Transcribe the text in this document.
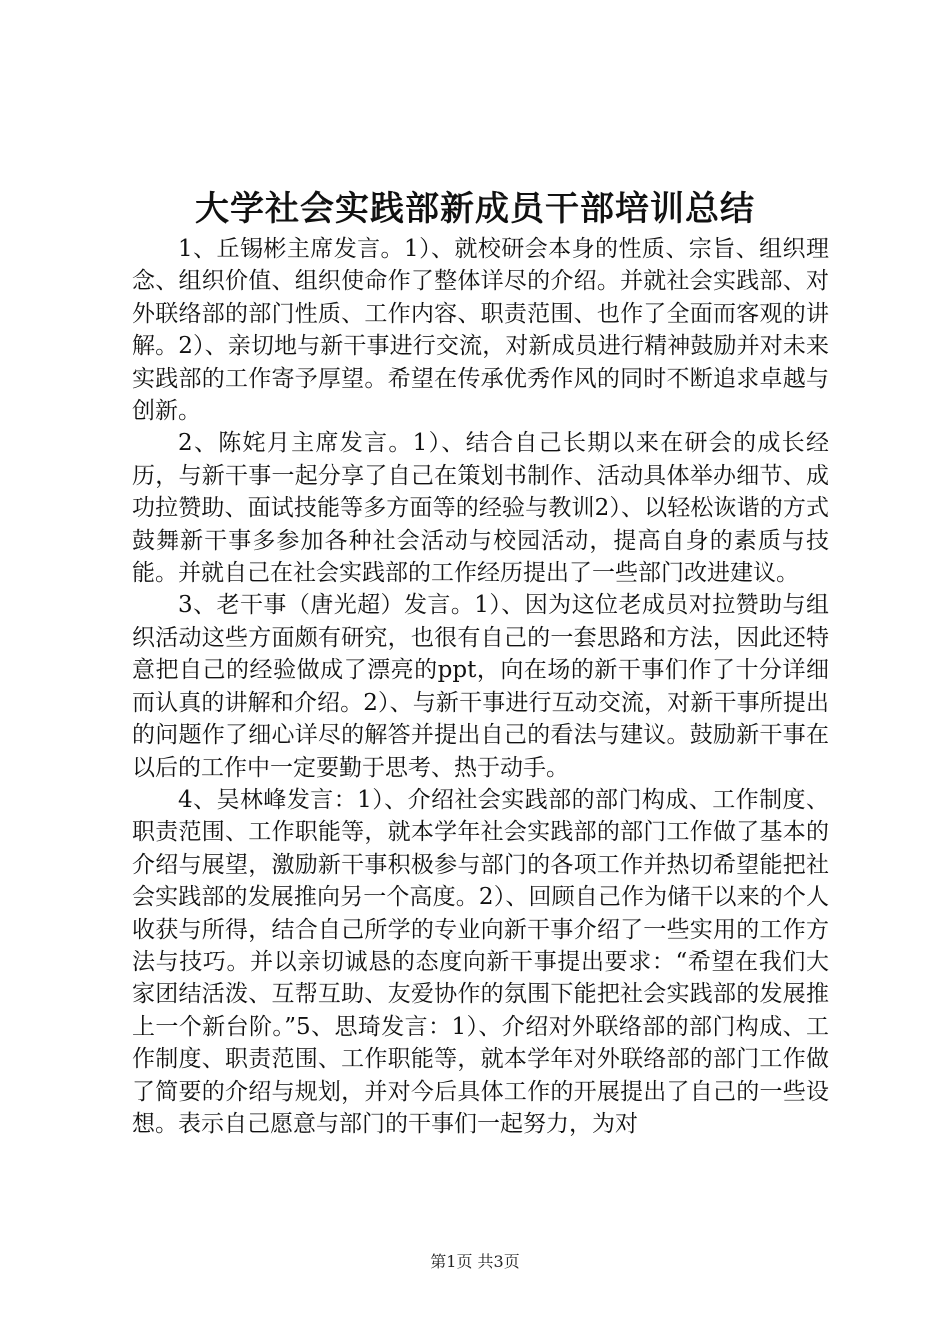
大学社会实践部新成员干部培训总结

1、丘锡彬主席发言。1）、就校研会本身的性质、宗旨、组织理念、组织价值、组织使命作了整体详尽的介绍。并就社会实践部、对外联络部的部门性质、工作内容、职责范围、也作了全面而客观的讲解。2）、亲切地与新干事进行交流，对新成员进行精神鼓励并对未来实践部的工作寄予厚望。希望在传承优秀作风的同时不断追求卓越与创新。

2、陈姹月主席发言。1）、结合自己长期以来在研会的成长经历，与新干事一起分享了自己在策划书制作、活动具体举办细节、成功拉赞助、面试技能等多方面等的经验与教训2）、以轻松诙谐的方式鼓舞新干事多参加各种社会活动与校园活动，提高自身的素质与技能。并就自己在社会实践部的工作经历提出了一些部门改进建议。

3、老干事（唐光超）发言。1）、因为这位老成员对拉赞助与组织活动这些方面颇有研究，也很有自己的一套思路和方法，因此还特意把自己的经验做成了漂亮的ppt，向在场的新干事们作了十分详细而认真的讲解和介绍。2）、与新干事进行互动交流，对新干事所提出的问题作了细心详尽的解答并提出自己的看法与建议。鼓励新干事在以后的工作中一定要勤于思考、热于动手。

4、吴林峰发言：1）、介绍社会实践部的部门构成、工作制度、职责范围、工作职能等，就本学年社会实践部的部门工作做了基本的介绍与展望，激励新干事积极参与部门的各项工作并热切希望能把社会实践部的发展推向另一个高度。2）、回顾自己作为储干以来的个人收获与所得，结合自己所学的专业向新干事介绍了一些实用的工作方法与技巧。并以亲切诚恳的态度向新干事提出要求：“希望在我们大家团结活泼、互帮互助、友爱协作的氛围下能把社会实践部的发展推上一个新台阶。”5、思琦发言：1）、介绍对外联络部的部门构成、工作制度、职责范围、工作职能等，就本学年对外联络部的部门工作做了简要的介绍与规划，并对今后具体工作的开展提出了自己的一些设想。表示自己愿意与部门的干事们一起努力，为对

第1页 共3页
